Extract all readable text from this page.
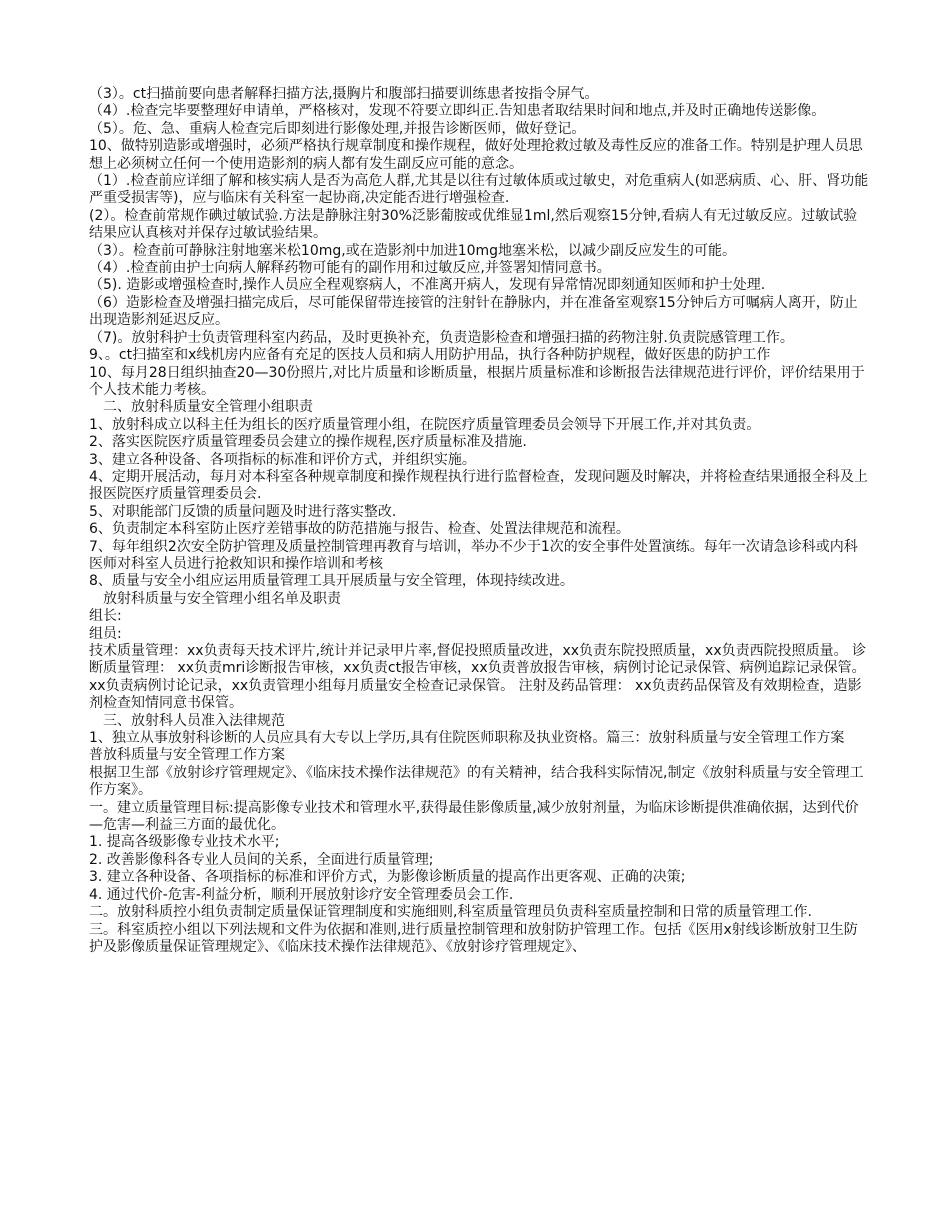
（3）。ct扫描前要向患者解释扫描方法,摄胸片和腹部扫描要训练患者按指令屏气。

（4）.检查完毕要整理好申请单，严格核对，发现不符要立即纠正.告知患者取结果时间和地点,并及时正确地传送影像。

（5）。危、急、重病人检查完后即刻进行影像处理,并报告诊断医师，做好登记。

10、做特别造影或增强时，必须严格执行规章制度和操作规程，做好处理抢救过敏及毒性反应的准备工作。特别是护理人员思想上必须树立任何一个使用造影剂的病人都有发生副反应可能的意念。

（1）.检查前应详细了解和核实病人是否为高危人群,尤其是以往有过敏体质或过敏史，对危重病人(如恶病质、心、肝、肾功能严重受损害等)，应与临床有关科室一起协商,决定能否进行增强检查.

(2）。检查前常规作碘过敏试验.方法是静脉注射30%泛影葡胺或优维显1ml,然后观察15分钟,看病人有无过敏反应。过敏试验结果应认真核对并保存过敏试验结果。

（3）。检查前可静脉注射地塞米松10mg,或在造影剂中加进10mg地塞米松，以减少副反应发生的可能。

（4）.检查前由护士向病人解释药物可能有的副作用和过敏反应,并签署知情同意书。

（5). 造影或增强检查时,操作人员应全程观察病人，不准离开病人，发现有异常情况即刻通知医师和护士处理.

（6）造影检查及增强扫描完成后，尽可能保留带连接管的注射针在静脉内，并在准备室观察15分钟后方可嘱病人离开，防止出现造影剂延迟反应。

（7)。放射科护士负责管理科室内药品，及时更换补充，负责造影检查和增强扫描的药物注射.负责院感管理工作。

9、。ct扫描室和x线机房内应备有充足的医技人员和病人用防护用品，执行各种防护规程，做好医患的防护工作

10、每月28日组织抽查20—30份照片,对比片质量和诊断质量，根据片质量标准和诊断报告法律规范进行评价，评价结果用于个人技术能力考核。

二、放射科质量安全管理小组职责

1、放射科成立以科主任为组长的医疗质量管理小组，在院医疗质量管理委员会领导下开展工作,并对其负责。

2、落实医院医疗质量管理委员会建立的操作规程,医疗质量标准及措施.

3、建立各种设备、各项指标的标准和评价方式，并组织实施。

4、定期开展活动，每月对本科室各种规章制度和操作规程执行进行监督检查，发现问题及时解决，并将检查结果通报全科及上报医院医疗质量管理委员会.

5、对职能部门反馈的质量问题及时进行落实整改.

6、负责制定本科室防止医疗差错事故的防范措施与报告、检查、处置法律规范和流程。

7、每年组织2次安全防护管理及质量控制管理再教育与培训，举办不少于1次的安全事件处置演练。每年一次请急诊科或内科医师对科室人员进行抢救知识和操作培训和考核

8、质量与安全小组应运用质量管理工具开展质量与安全管理，体现持续改进。

放射科质量与安全管理小组名单及职责

组长:

组员:

技术质量管理：xx负责每天技术评片,统计并记录甲片率,督促投照质量改进，xx负责东院投照质量，xx负责西院投照质量。 诊断质量管理： xx负责mri诊断报告审核，xx负责ct报告审核，xx负责普放报告审核，病例讨论记录保管、病例追踪记录保管。xx负责病例讨论记录，xx负责管理小组每月质量安全检查记录保管。 注射及药品管理： xx负责药品保管及有效期检查，造影剂检查知情同意书保管。

三、放射科人员准入法律规范

1、独立从事放射科诊断的人员应具有大专以上学历,具有住院医师职称及执业资格。篇三：放射科质量与安全管理工作方案

普放科质量与安全管理工作方案

根据卫生部《放射诊疗管理规定》、《临床技术操作法律规范》的有关精神，结合我科实际情况,制定《放射科质量与安全管理工作方案》。

一。建立质量管理目标:提高影像专业技术和管理水平,获得最佳影像质量,减少放射剂量，为临床诊断提供准确依据，达到代价—危害—利益三方面的最优化。

1. 提高各级影像专业技术水平;

2. 改善影像科各专业人员间的关系，全面进行质量管理;

3. 建立各种设备、各项指标的标准和评价方式，为影像诊断质量的提高作出更客观、正确的决策;

4. 通过代价-危害-利益分析，顺利开展放射诊疗安全管理委员会工作.

二。放射科质控小组负责制定质量保证管理制度和实施细则,科室质量管理员负责科室质量控制和日常的质量管理工作.

三。科室质控小组以下列法规和文件为依据和准则,进行质量控制管理和放射防护管理工作。包括《医用x射线诊断放射卫生防护及影像质量保证管理规定》、《临床技术操作法律规范》、《放射诊疗管理规定》、
